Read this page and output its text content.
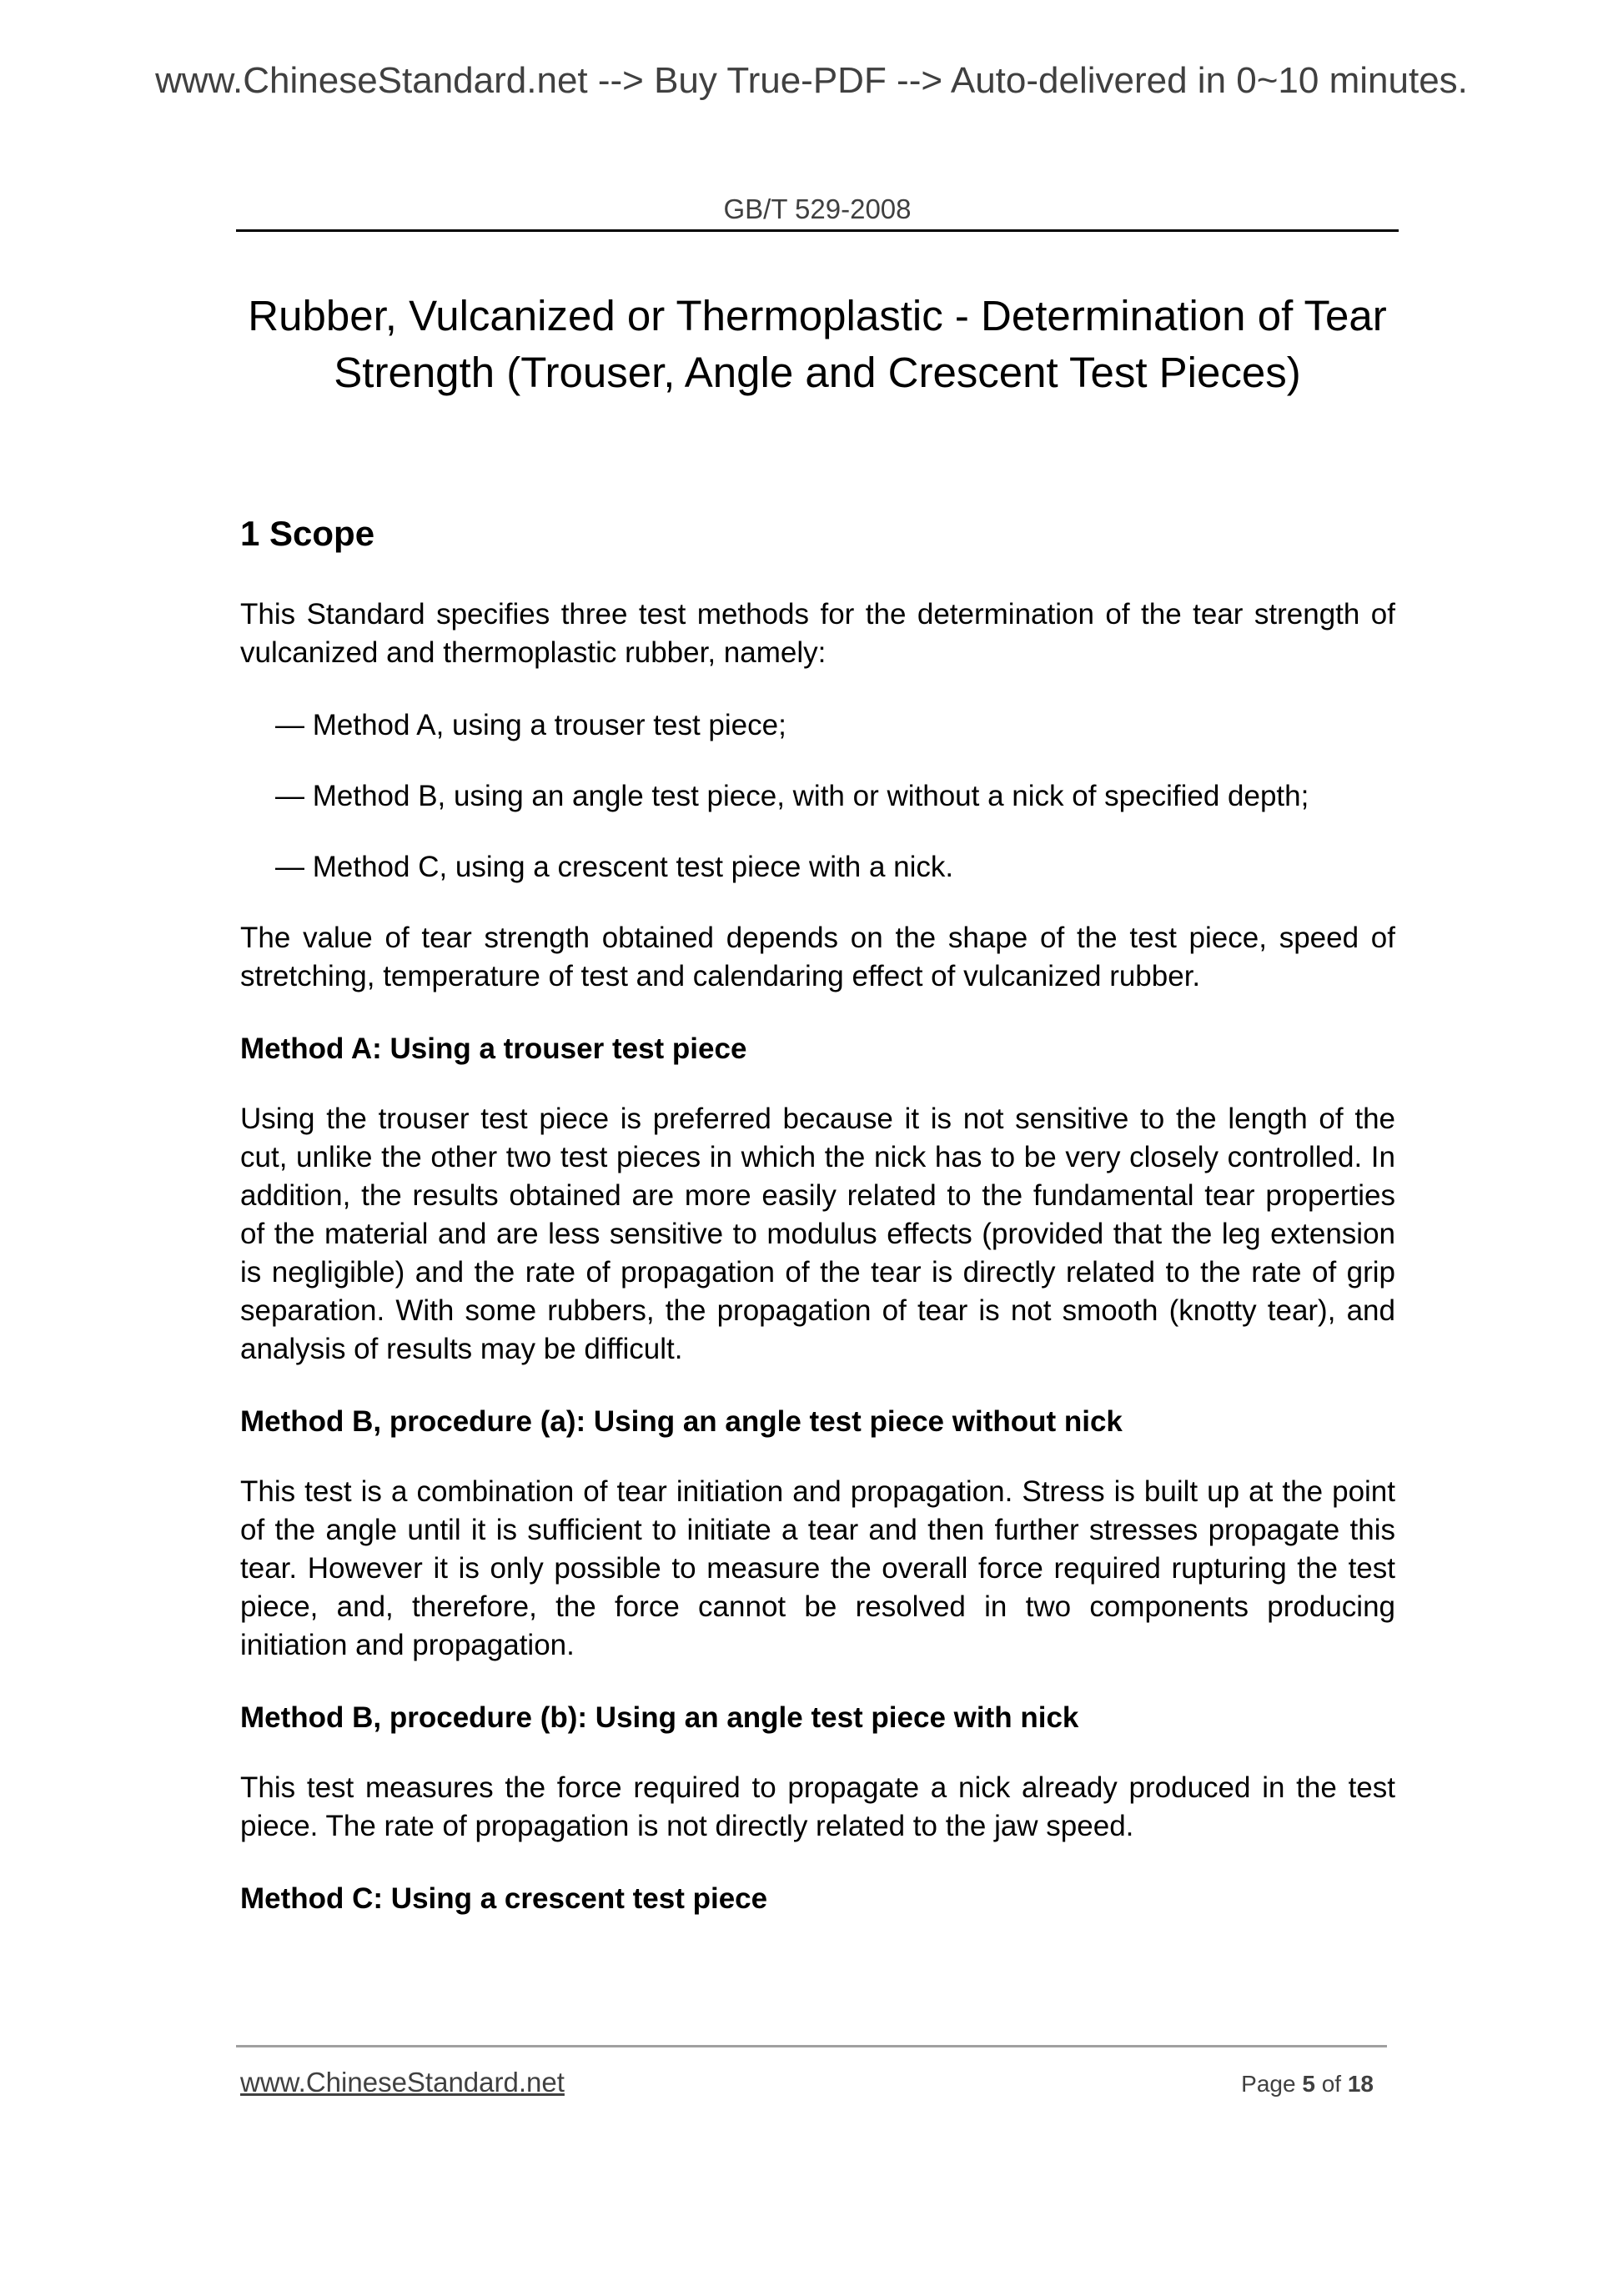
www.ChineseStandard.net --> Buy True-PDF --> Auto-delivered in 0~10 minutes.
GB/T 529-2008
Rubber, Vulcanized or Thermoplastic - Determination of Tear
Strength (Trouser, Angle and Crescent Test Pieces)
1 Scope
This Standard specifies three test methods for the determination of the tear strength of vulcanized and thermoplastic rubber, namely:
— Method A, using a trouser test piece;
— Method B, using an angle test piece, with or without a nick of specified depth;
— Method C, using a crescent test piece with a nick.
The value of tear strength obtained depends on the shape of the test piece, speed of stretching, temperature of test and calendaring effect of vulcanized rubber.
Method A: Using a trouser test piece
Using the trouser test piece is preferred because it is not sensitive to the length of the cut, unlike the other two test pieces in which the nick has to be very closely controlled. In addition, the results obtained are more easily related to the fundamental tear properties of the material and are less sensitive to modulus effects (provided that the leg extension is negligible) and the rate of propagation of the tear is directly related to the rate of grip separation. With some rubbers, the propagation of tear is not smooth (knotty tear), and analysis of results may be difficult.
Method B, procedure (a): Using an angle test piece without nick
This test is a combination of tear initiation and propagation. Stress is built up at the point of the angle until it is sufficient to initiate a tear and then further stresses propagate this tear. However it is only possible to measure the overall force required rupturing the test piece, and, therefore, the force cannot be resolved in two components producing initiation and propagation.
Method B, procedure (b): Using an angle test piece with nick
This test measures the force required to propagate a nick already produced in the test piece. The rate of propagation is not directly related to the jaw speed.
Method C: Using a crescent test piece
www.ChineseStandard.net	Page 5 of 18
